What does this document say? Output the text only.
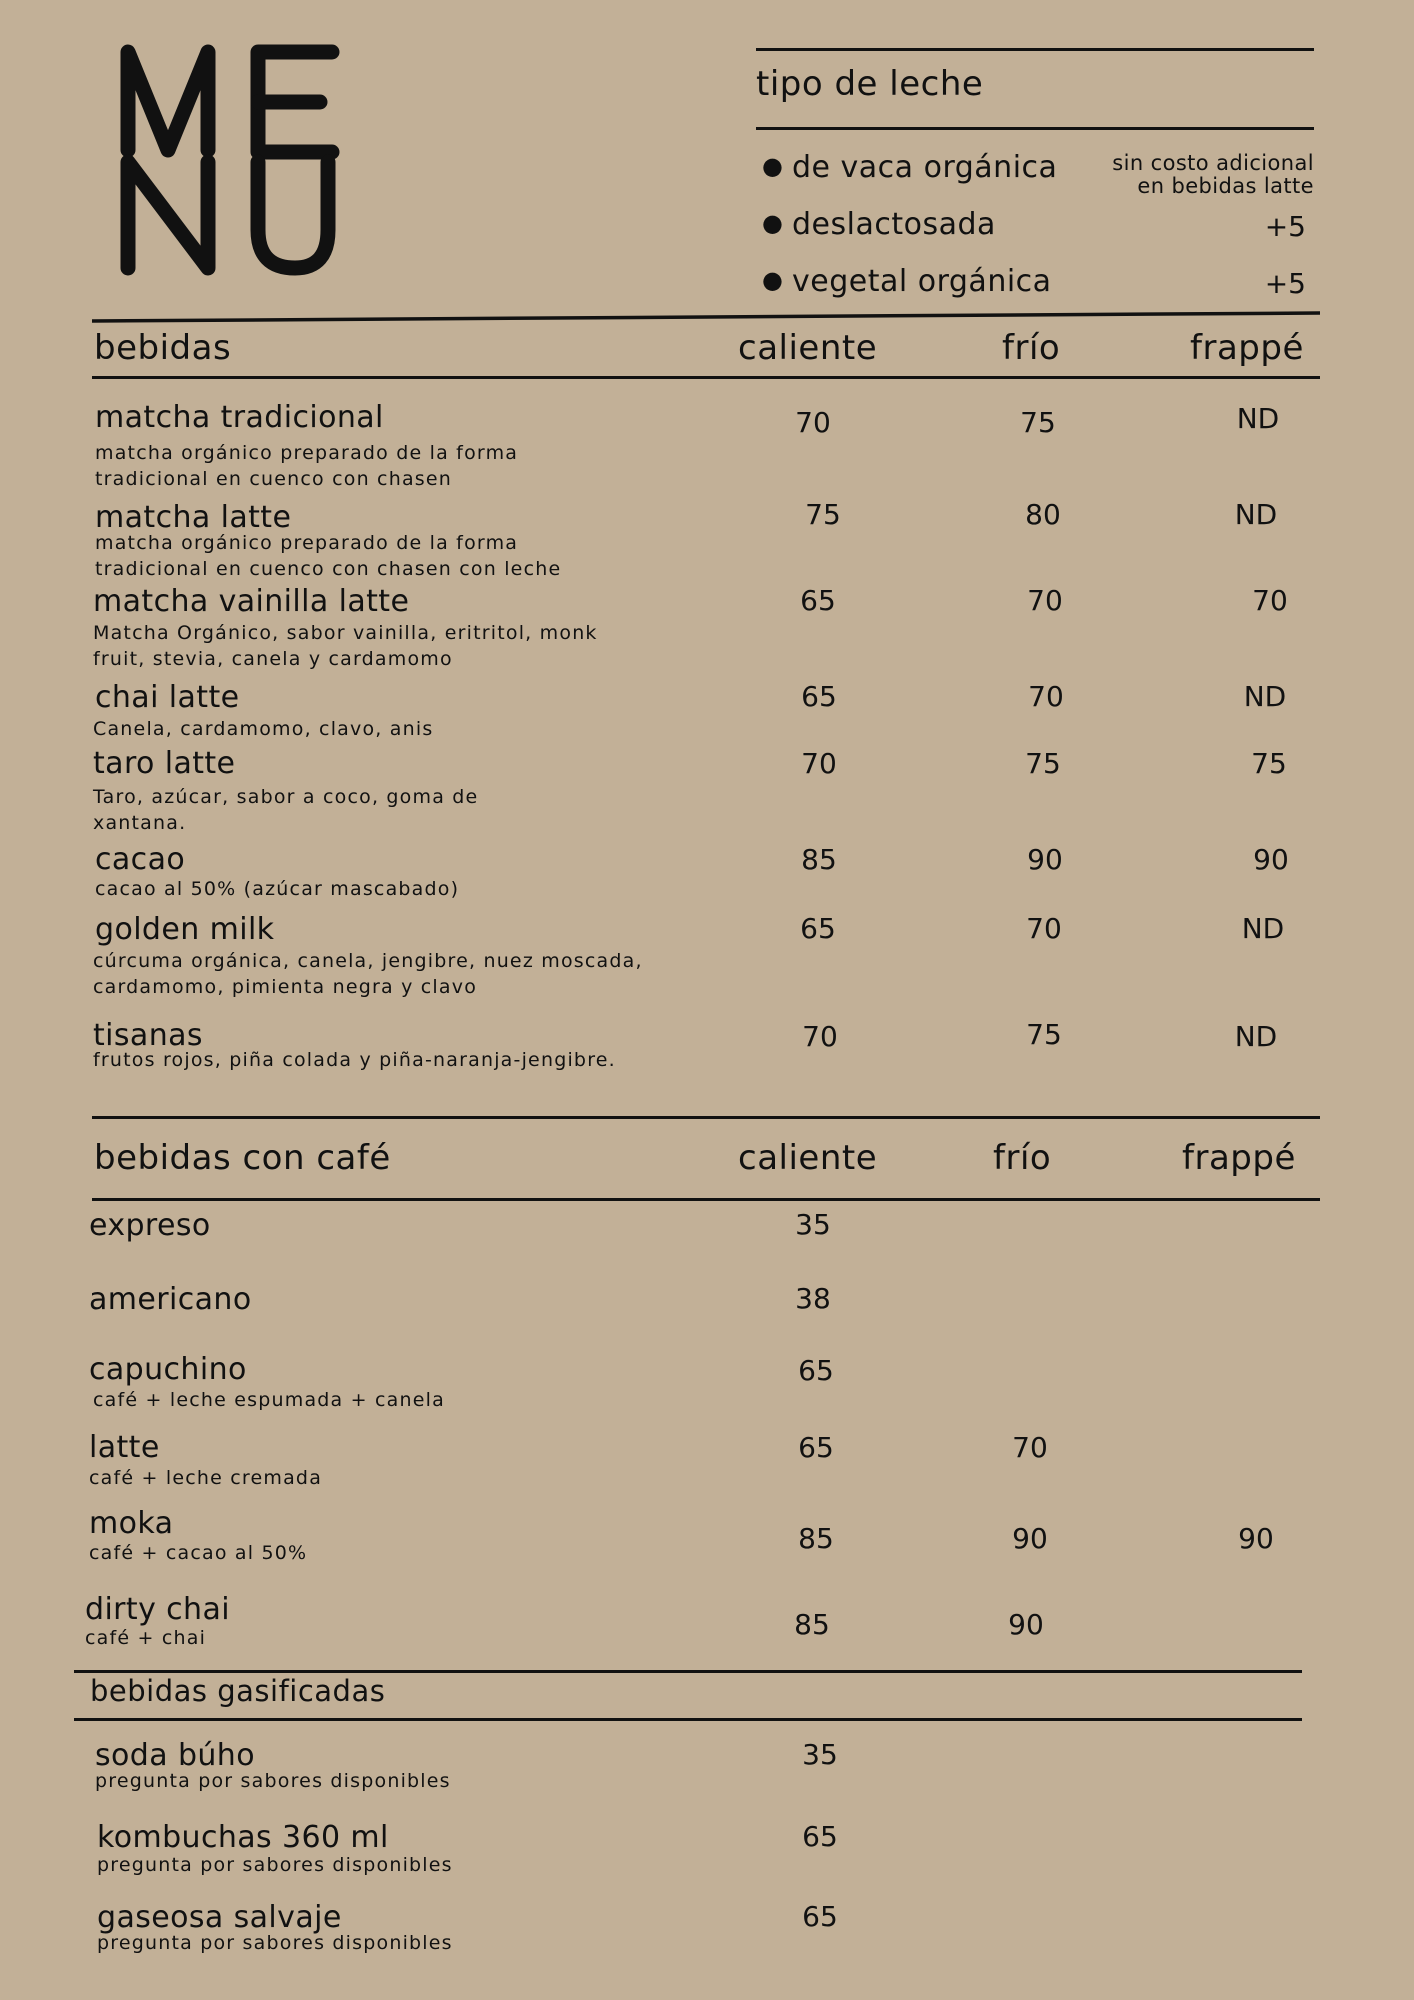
tipo de leche
● de vaca orgánica	sin costo adicional
en bebidas latte
● deslactosada	+5
● vegetal orgánica	+5
bebidas	caliente	frío	frappé
matcha tradicional
matcha orgánico preparado de la forma tradicional en cuenco con chasen
70	75	ND
matcha latte
matcha orgánico preparado de la forma tradicional en cuenco con chasen con leche
75	80	ND
matcha vainilla latte
Matcha Orgánico, sabor vainilla, eritritol, monk fruit, stevia, canela y cardamomo
65	70	70
chai latte
Canela, cardamomo, clavo, anis
65	70	ND
taro latte
Taro, azúcar, sabor a coco, goma de xantana.
70	75	75
cacao
cacao al 50% (azúcar mascabado)
85	90	90
golden milk
cúrcuma orgánica, canela, jengibre, nuez moscada, cardamomo, pimienta negra y clavo
65	70	ND
tisanas
frutos rojos, piña colada y piña-naranja-jengibre.
70	75	ND
bebidas con café	caliente	frío	frappé
expreso	35
americano	38
capuchino
café + leche espumada + canela
65
latte
café + leche cremada
65	70
moka
café + cacao al 50%	85	90	90
dirty chai
café + chai	85	90
bebidas gasificadas
soda búho
pregunta por sabores disponibles
35
kombuchas 360 ml
pregunta por sabores disponibles
65
gaseosa salvaje
pregunta por sabores disponibles
65
